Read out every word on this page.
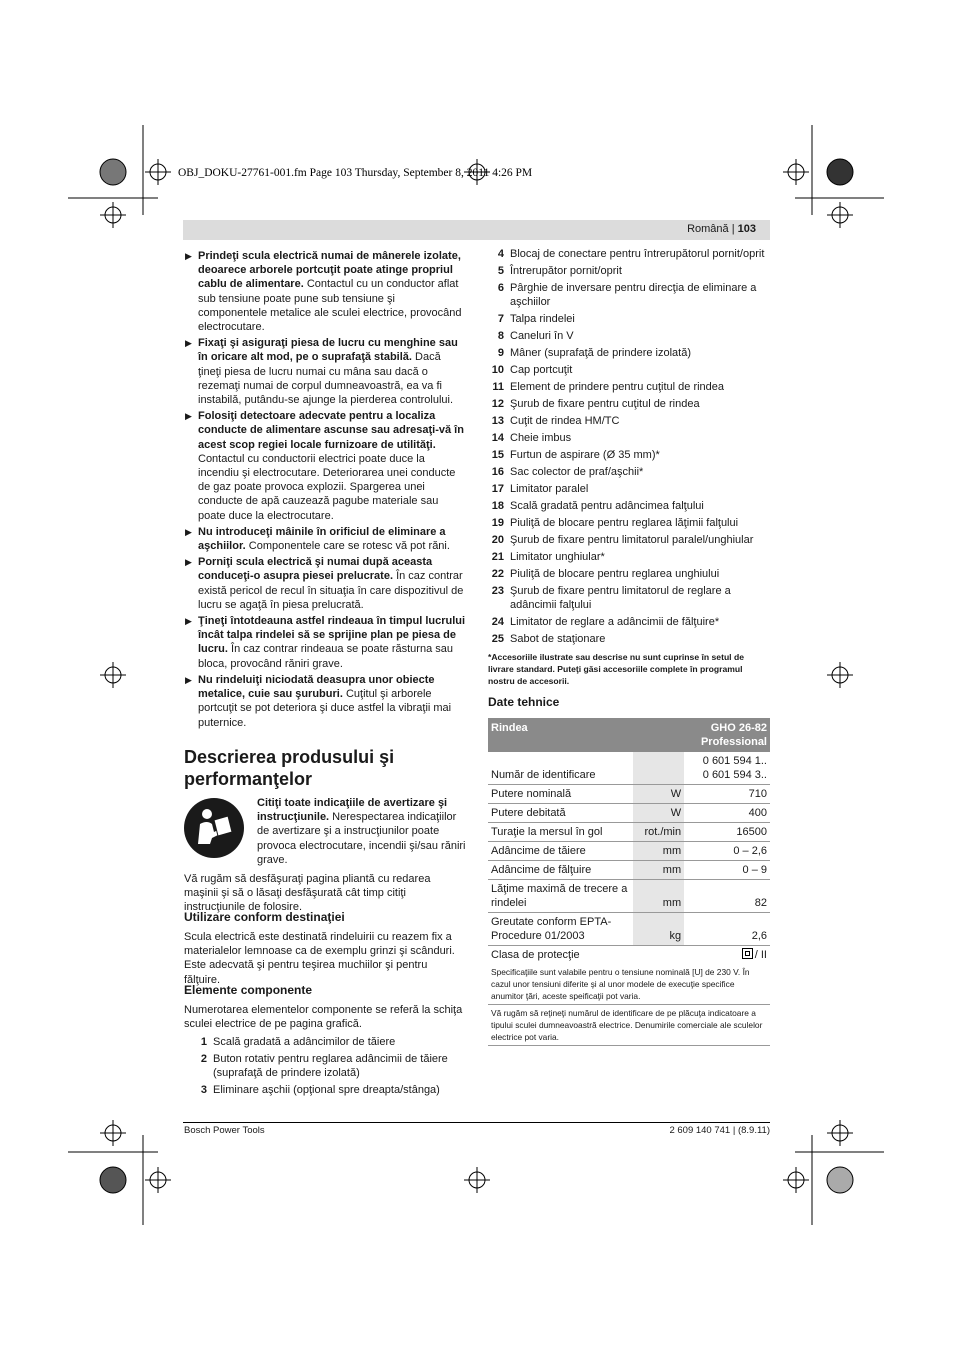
OBJ_DOKU-27761-001.fm Page 103 Thursday, September 8, 2011 4:26 PM
Română | 103
▶ Prindeţi scula electrică numai de mânerele izolate, deoarece arborele portcuţit poate atinge propriul cablu de alimentare. Contactul cu un conductor aflat sub tensiune poate pune sub tensiune şi componentele metalice ale sculei electrice, provocând electrocutare.
▶ Fixaţi şi asiguraţi piesa de lucru cu menghine sau în oricare alt mod, pe o suprafaţă stabilă. Dacă ţineţi piesa de lucru numai cu mâna sau dacă o rezemaţi numai de corpul dumneavoastră, ea va fi instabilă, putându-se ajunge la pierderea controlului.
▶ Folosiţi detectoare adecvate pentru a localiza conducte de alimentare ascunse sau adresaţi-vă în acest scop regiei locale furnizoare de utilităţi. Contactul cu conductorii electrici poate duce la incendiu şi electrocutare. Deteriorarea unei conducte de gaz poate provoca explozii. Spargerea unei conducte de apă cauzează pagube materiale sau poate duce la electrocutare.
▶ Nu introduceţi mâinile în orificiul de eliminare a aşchiilor. Componentele care se rotesc vă pot răni.
▶ Porniţi scula electrică şi numai după aceasta conduceţi-o asupra piesei prelucrate. În caz contrar există pericol de recul în situaţia în care dispozitivul de lucru se agaţă în piesa prelucrată.
▶ Ţineţi întotdeauna astfel rindeaua în timpul lucrului încât talpa rindelei să se sprijine plan pe piesa de lucru. În caz contrar rindeaua se poate răsturna sau bloca, provocând răniri grave.
▶ Nu rindeluiţi niciodată deasupra unor obiecte metalice, cuie sau şuruburi. Cuţitul şi arborele portcuţit se pot deteriora şi duce astfel la vibraţii mai puternice.
Descrierea produsului şi performanţelor
Citiţi toate indicaţiile de avertizare şi instrucţiunile. Nerespectarea indicaţiilor de avertizare şi a instrucţiunilor poate provoca electrocutare, incendii şi/sau răniri grave.
Vă rugăm să desfăşuraţi pagina pliantă cu redarea maşinii şi să o lăsaţi desfăşurată cât timp citiţi instrucţiunile de folosire.
Utilizare conform destinaţiei
Scula electrică este destinată rindeluirii cu reazem fix a materialelor lemnoase ca de exemplu grinzi şi scânduri. Este adecvată şi pentru teşirea muchiilor şi pentru fălţuire.
Elemente componente
Numerotarea elementelor componente se referă la schiţa sculei electrice de pe pagina grafică.
1 Scală gradată a adâncimilor de tăiere
2 Buton rotativ pentru reglarea adâncimii de tăiere (suprafaţă de prindere izolată)
3 Eliminare aşchii (opţional spre dreapta/stânga)
4 Blocaj de conectare pentru întrerupătorul pornit/oprit
5 Întrerupător pornit/oprit
6 Pârghie de inversare pentru direcţia de eliminare a aşchiilor
7 Talpa rindelei
8 Caneluri în V
9 Mâner (suprafaţă de prindere izolată)
10 Cap portcuţit
11 Element de prindere pentru cuţitul de rindea
12 Şurub de fixare pentru cuţitul de rindea
13 Cuţit de rindea HM/TC
14 Cheie imbus
15 Furtun de aspirare (Ø 35 mm)*
16 Sac colector de praf/aşchii*
17 Limitator paralel
18 Scală gradată pentru adâncimea falţului
19 Piuliţă de blocare pentru reglarea lăţimii falţului
20 Şurub de fixare pentru limitatorul paralel/unghiular
21 Limitator unghiular*
22 Piuliţă de blocare pentru reglarea unghiului
23 Şurub de fixare pentru limitatorul de reglare a adâncimii falţului
24 Limitator de reglare a adâncimii de fălţuire*
25 Sabot de staţionare
*Accesoriile ilustrate sau descrise nu sunt cuprinse în setul de livrare standard. Puteţi găsi accesoriile complete în programul nostru de accesorii.
Date tehnice
Rindea		GHO 26-82
Professional
Număr de identificare		0 601 594 1..
0 601 594 3..
Putere nominală	W	710
Putere debitată	W	400
Turaţie la mersul în gol	rot./min	16500
Adâncime de tăiere	mm	0 – 2,6
Adâncime de fălţuire	mm	0 – 9
Lăţime maximă de trecere a rindelei	mm	82
Greutate conform EPTA-Procedure 01/2003	kg	2,6
Clasa de protecţie		/ II

Specificaţiile sunt valabile pentru o tensiune nominală [U] de 230 V. În cazul unor tensiuni diferite şi al unor modele de execuţie specifice anumitor ţări, aceste speificaţii pot varia.
Vă rugăm să reţineţi numărul de identificare de pe plăcuţa indicatoare a tipului sculei dumneavoastră electrice. Denumirile comerciale ale sculelor electrice pot varia.		
Bosch Power Tools	2 609 140 741 | (8.9.11)
